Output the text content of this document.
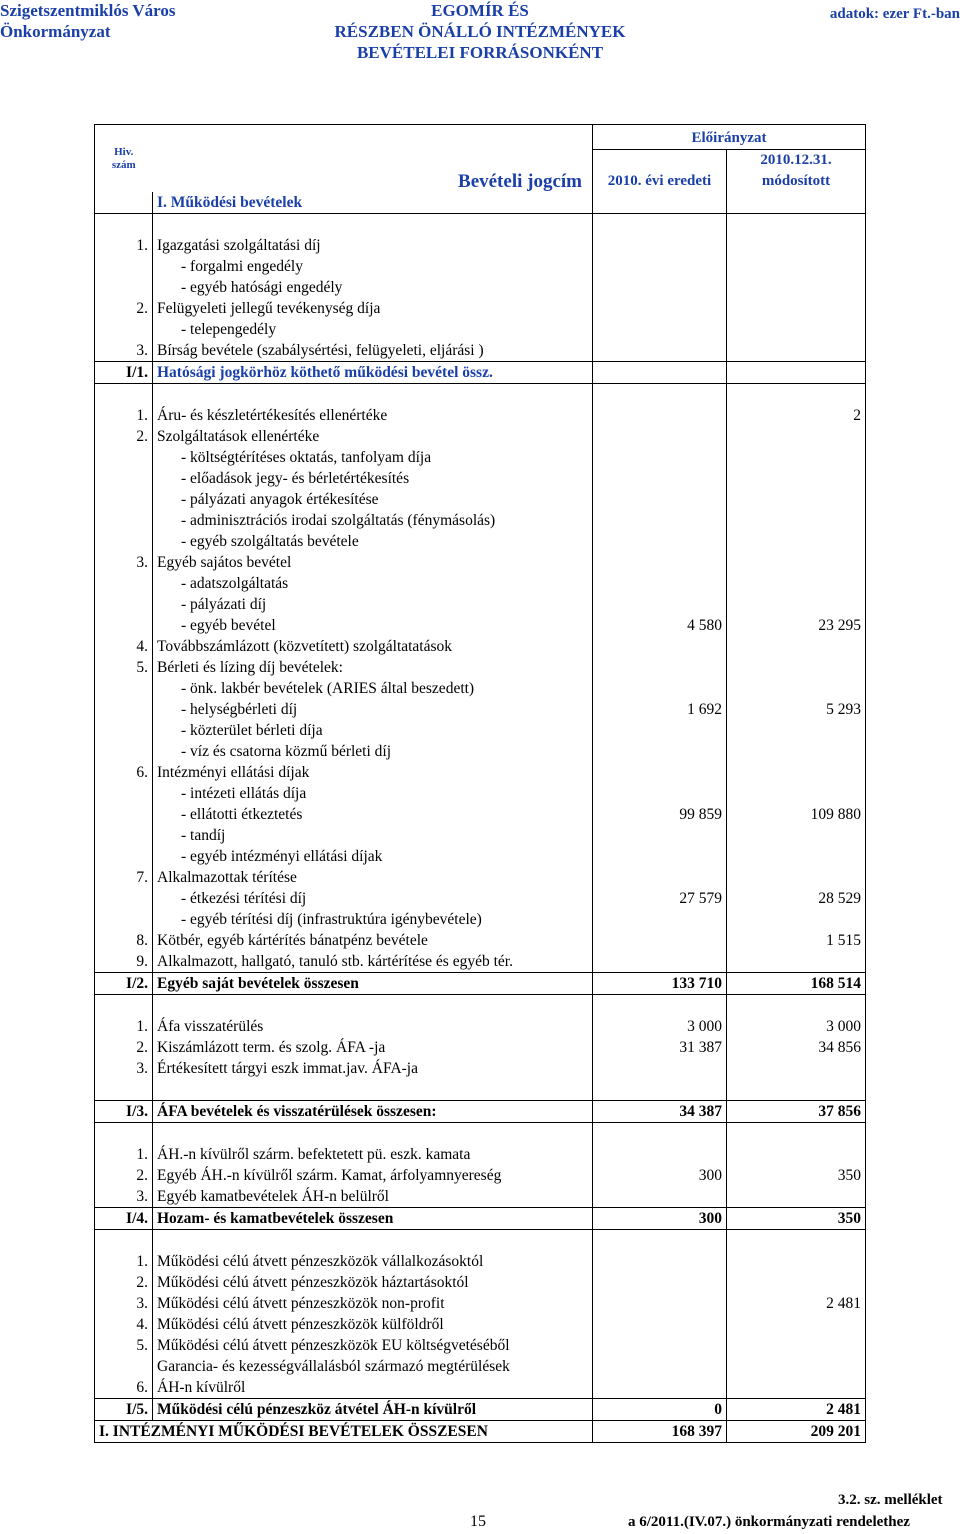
Szigetszentmiklós Város
Önkormányzat
EGOMÍR ÉS
RÉSZBEN ÖNÁLLÓ INTÉZMÉNYEK
BEVÉTELEI FORRÁSONKÉNT
adatok: ezer Ft.-ban
Hiv.
szám	Bevételi jogcím	Előirányzat	

		2010. évi eredeti	2010.12.31.
			módosított
	I. Működési bevételek		

1.	Igazgatási szolgáltatási díj		
	- forgalmi engedély		
	- egyéb hatósági engedély		
2.	Felügyeleti jellegű tevékenység díja		
	- telepengedély		
3.	Bírság bevétele (szabálysértési, felügyeleti, eljárási )		
I/1.	Hatósági jogkörhöz köthető működési bevétel össz.		

1.	Áru- és készletértékesítés ellenértéke		2
2.	Szolgáltatások ellenértéke		
	- költségtérítéses oktatás, tanfolyam díja		
	- előadások jegy- és bérletértékesítés		
	- pályázati anyagok értékesítése		
	- adminisztrációs irodai szolgáltatás (fénymásolás)		
	- egyéb szolgáltatás bevétele		
3.	Egyéb sajátos bevétel		
	- adatszolgáltatás		
	- pályázati díj		
	- egyéb bevétel	4 580	23 295
4.	Továbbszámlázott (közvetített) szolgáltatatások		
5.	Bérleti és lízing díj bevételek:		
	- önk. lakbér bevételek (ARIES által beszedett)		
	- helységbérleti díj	1 692	5 293
	- közterület bérleti díja		
	- víz és csatorna közmű bérleti díj		
6.	Intézményi ellátási díjak		
	- intézeti ellátás díja		
	- ellátotti étkeztetés	99 859	109 880
	- tandíj		
	- egyéb intézményi ellátási díjak		
7.	Alkalmazottak térítése		
	- étkezési térítési díj	27 579	28 529
	- egyéb térítési díj (infrastruktúra igénybevétele)		
8.	Kötbér, egyéb kártérítés bánatpénz bevétele		1 515
9.	Alkalmazott, hallgató, tanuló stb. kártérítése és egyéb tér.		
I/2.	Egyéb saját bevételek összesen	133 710	168 514

1.	Áfa visszatérülés	3 000	3 000
2.	Kiszámlázott term. és szolg. ÁFA -ja	31 387	34 856
3.	Értékesített tárgyi eszk immat.jav. ÁFA-ja		

I/3.	ÁFA bevételek és visszatérülések összesen:	34 387	37 856

1.	ÁH.-n kívülről szárm. befektetett pü. eszk. kamata		
2.	Egyéb ÁH.-n kívülről szárm. Kamat, árfolyamnyereség	300	350
3.	Egyéb kamatbevételek ÁH-n belülről		
I/4.	Hozam- és kamatbevételek összesen	300	350

1.	Működési célú átvett pénzeszközök vállalkozásoktól		
2.	Működési célú átvett pénzeszközök háztartásoktól		
3.	Működési célú átvett pénzeszközök non-profit		2 481
4.	Működési célú átvett pénzeszközök külföldről		
5.	Működési célú átvett pénzeszközök EU költségvetéséből		
	Garancia- és kezességvállalásból származó megtérülések		
6.	ÁH-n kívülről		
I/5.	Működési célú pénzeszköz átvétel ÁH-n kívülről	0	2 481
I. INTÉZMÉNYI MŰKÖDÉSI BEVÉTELEK ÖSSZESEN		168 397	209 201
15
3.2. sz. melléklet
a 6/2011.(IV.07.) önkormányzati rendelethez
